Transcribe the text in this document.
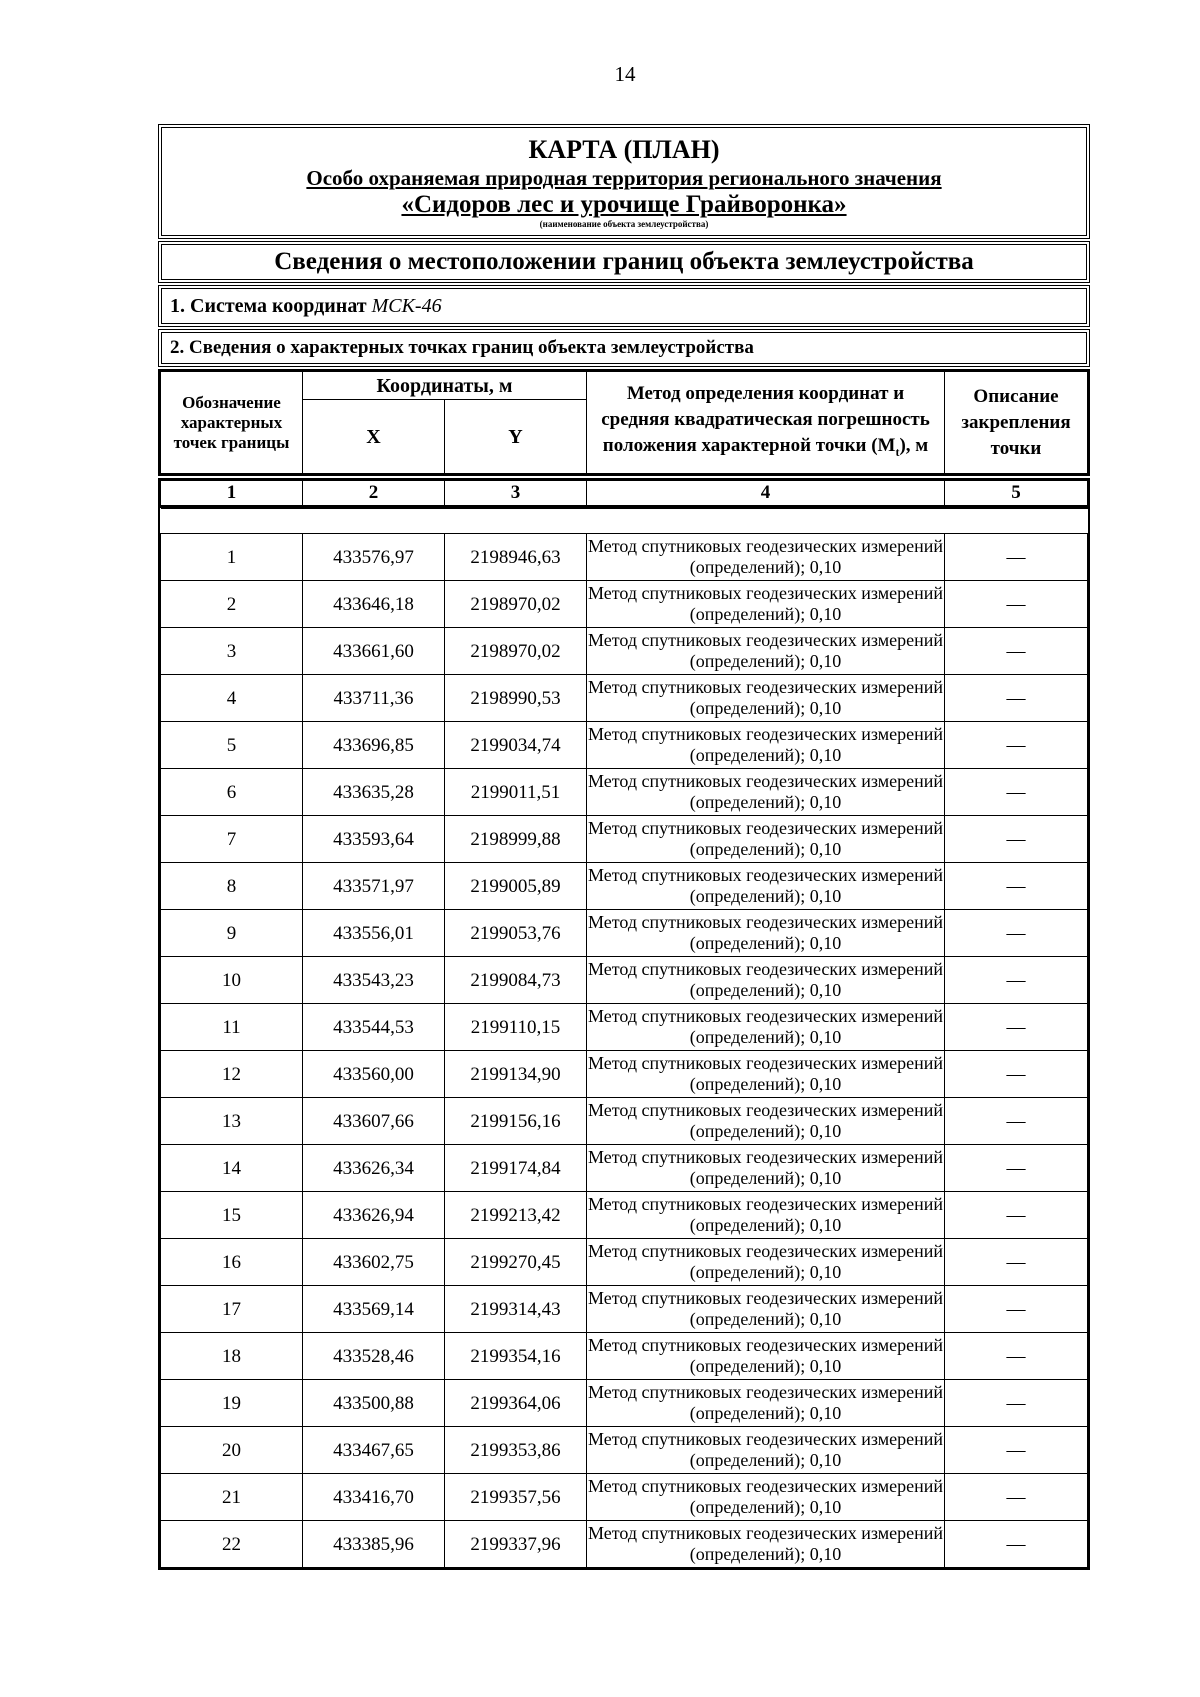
14
КАРТА (ПЛАН)
Особо охраняемая природная территория регионального значения
«Сидоров лес и урочище Грайворонка»
(наименование объекта землеустройства)
Сведения о местоположении границ объекта землеустройства
1. Система координат МСК-46
2. Сведения о характерных точках границ объекта землеустройства
Обозначение характерных точек границы	Координаты, м		Метод определения координат и средняя квадратическая погрешность положения характерной точки $(M_t)$, м	Описание закрепления точки
	X	Y		
1	2	3	4	5

1	433576,97	2198946,63	Метод спутниковых геодезических измерений (определений); 0,10	—
2	433646,18	2198970,02	Метод спутниковых геодезических измерений (определений); 0,10	—
3	433661,60	2198970,02	Метод спутниковых геодезических измерений (определений); 0,10	—
4	433711,36	2198990,53	Метод спутниковых геодезических измерений (определений); 0,10	—
5	433696,85	2199034,74	Метод спутниковых геодезических измерений (определений); 0,10	—
6	433635,28	2199011,51	Метод спутниковых геодезических измерений (определений); 0,10	—
7	433593,64	2198999,88	Метод спутниковых геодезических измерений (определений); 0,10	—
8	433571,97	2199005,89	Метод спутниковых геодезических измерений (определений); 0,10	—
9	433556,01	2199053,76	Метод спутниковых геодезических измерений (определений); 0,10	—
10	433543,23	2199084,73	Метод спутниковых геодезических измерений (определений); 0,10	—
11	433544,53	2199110,15	Метод спутниковых геодезических измерений (определений); 0,10	—
12	433560,00	2199134,90	Метод спутниковых геодезических измерений (определений); 0,10	—
13	433607,66	2199156,16	Метод спутниковых геодезических измерений (определений); 0,10	—
14	433626,34	2199174,84	Метод спутниковых геодезических измерений (определений); 0,10	—
15	433626,94	2199213,42	Метод спутниковых геодезических измерений (определений); 0,10	—
16	433602,75	2199270,45	Метод спутниковых геодезических измерений (определений); 0,10	—
17	433569,14	2199314,43	Метод спутниковых геодезических измерений (определений); 0,10	—
18	433528,46	2199354,16	Метод спутниковых геодезических измерений (определений); 0,10	—
19	433500,88	2199364,06	Метод спутниковых геодезических измерений (определений); 0,10	—
20	433467,65	2199353,86	Метод спутниковых геодезических измерений (определений); 0,10	—
21	433416,70	2199357,56	Метод спутниковых геодезических измерений (определений); 0,10	—
22	433385,96	2199337,96	Метод спутниковых геодезических измерений (определений); 0,10	—
